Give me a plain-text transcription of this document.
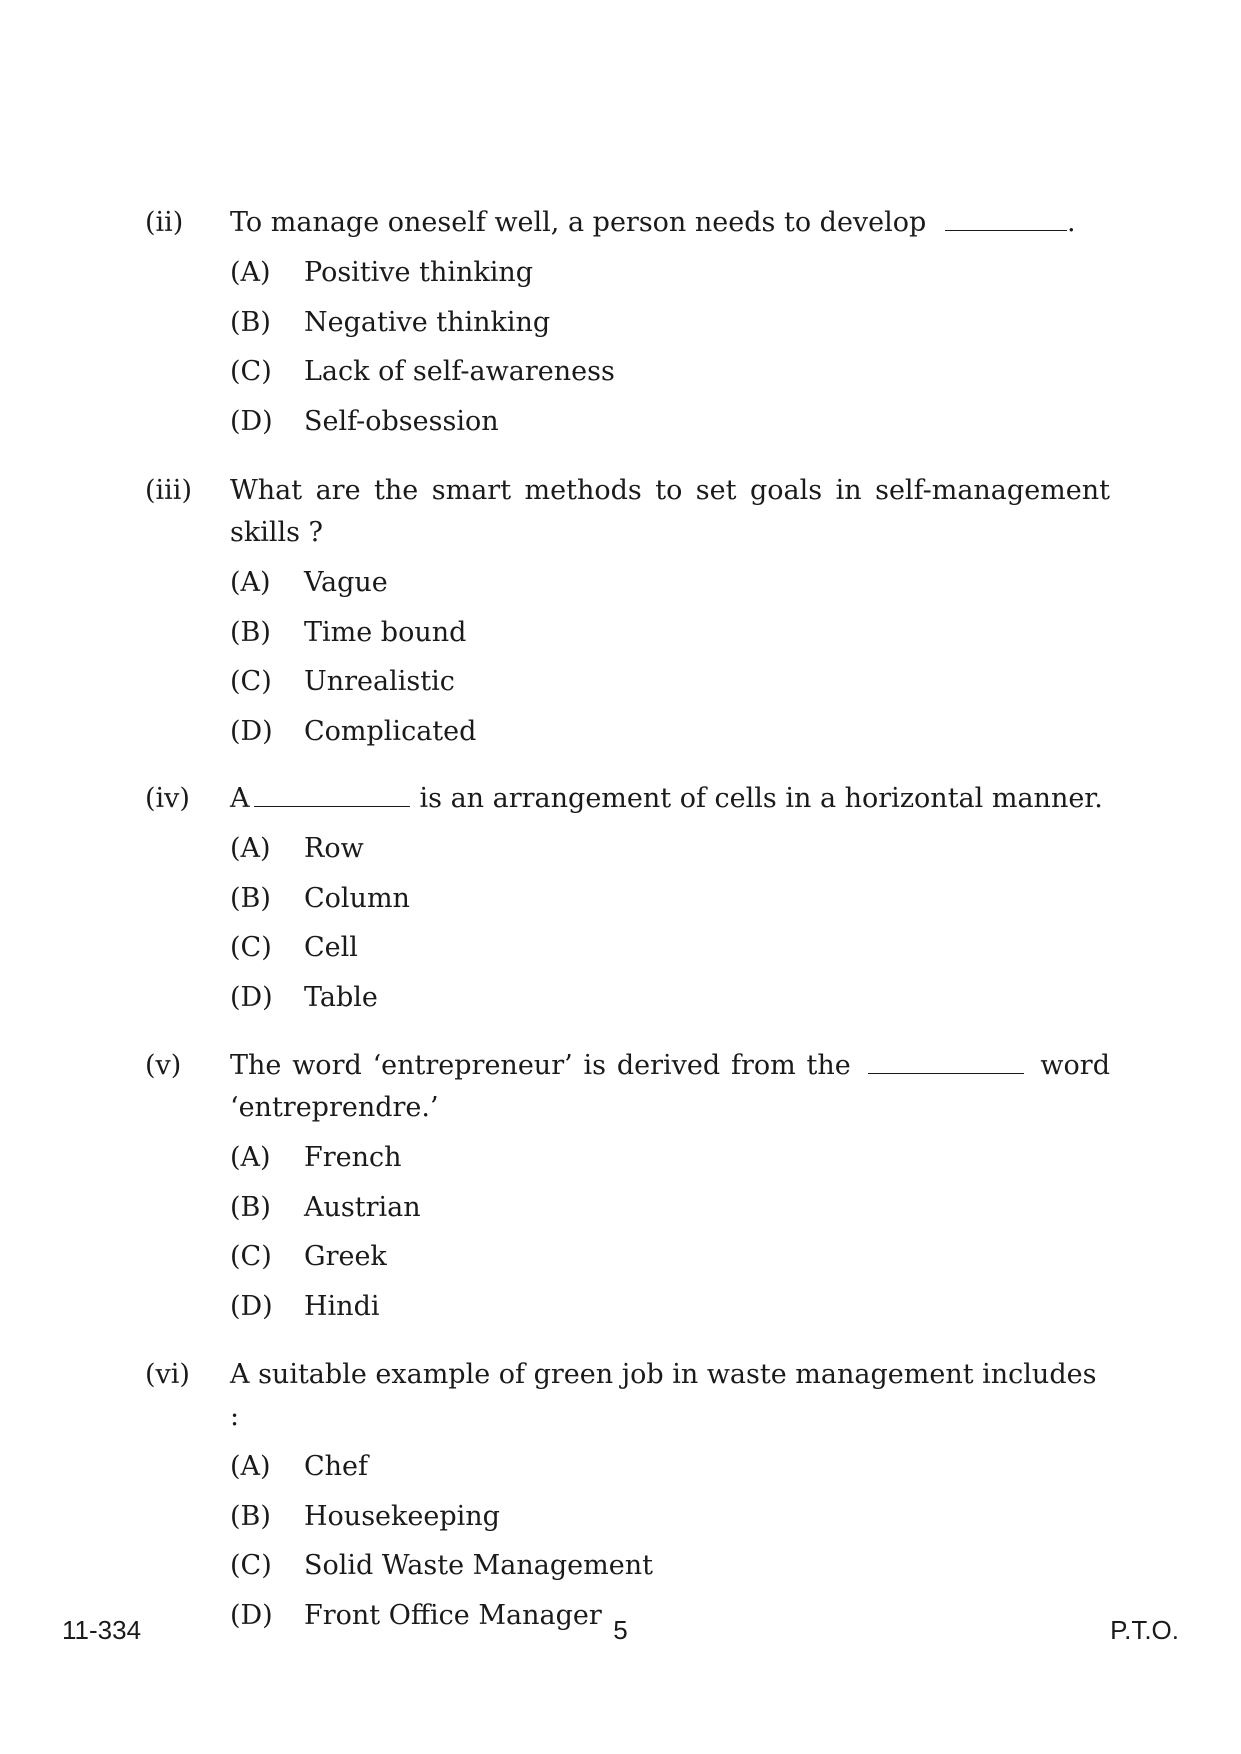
(ii) To manage oneself well, a person needs to develop	.
(A) Positive thinking
(B) Negative thinking
(C) Lack of self-awareness
(D) Self-obsession
(iii) What are the smart methods to set goals in self-management skills ?
(A) Vague
(B) Time bound
(C) Unrealistic
(D) Complicated
(iv) A	is an arrangement of cells in a horizontal manner.
(A) Row
(B) Column
(C) Cell
(D) Table
(v) The word ‘entrepreneur’ is derived from the	word ‘entreprendre.’
(A) French
(B) Austrian
(C) Greek
(D) Hindi
(vi) A suitable example of green job in waste management includes :
(A) Chef
(B) Housekeeping
(C) Solid Waste Management
(D) Front Office Manager
11-334	5	P.T.O.
